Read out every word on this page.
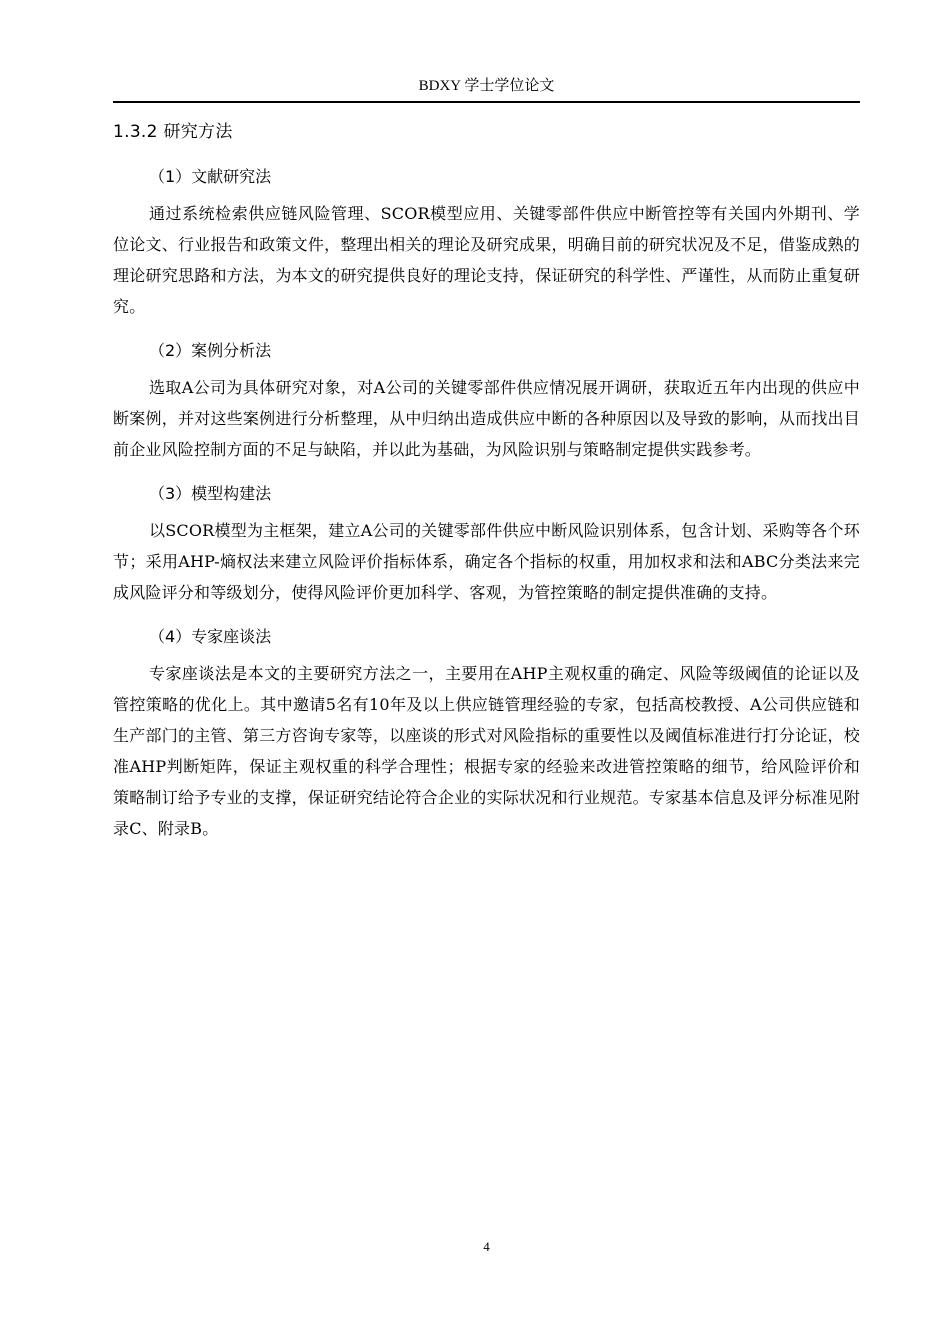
BDXY 学士学位论文
1.3.2 研究方法
（1）文献研究法

通过系统检索供应链风险管理、SCOR模型应用、关键零部件供应中断管控等有关国内外期刊、学位论文、行业报告和政策文件，整理出相关的理论及研究成果，明确目前的研究状况及不足，借鉴成熟的理论研究思路和方法，为本文的研究提供良好的理论支持，保证研究的科学性、严谨性，从而防止重复研究。

（2）案例分析法

选取A公司为具体研究对象，对A公司的关键零部件供应情况展开调研，获取近五年内出现的供应中断案例，并对这些案例进行分析整理，从中归纳出造成供应中断的各种原因以及导致的影响，从而找出目前企业风险控制方面的不足与缺陷，并以此为基础，为风险识别与策略制定提供实践参考。

（3）模型构建法

以SCOR模型为主框架，建立A公司的关键零部件供应中断风险识别体系，包含计划、采购等各个环节；采用AHP-熵权法来建立风险评价指标体系，确定各个指标的权重，用加权求和法和ABC分类法来完成风险评分和等级划分，使得风险评价更加科学、客观，为管控策略的制定提供准确的支持。

（4）专家座谈法

专家座谈法是本文的主要研究方法之一，主要用在AHP主观权重的确定、风险等级阈值的论证以及管控策略的优化上。其中邀请5名有10年及以上供应链管理经验的专家，包括高校教授、A公司供应链和生产部门的主管、第三方咨询专家等，以座谈的形式对风险指标的重要性以及阈值标准进行打分论证，校准AHP判断矩阵，保证主观权重的科学合理性；根据专家的经验来改进管控策略的细节，给风险评价和策略制订给予专业的支撑，保证研究结论符合企业的实际状况和行业规范。专家基本信息及评分标准见附录C、附录B。

4
